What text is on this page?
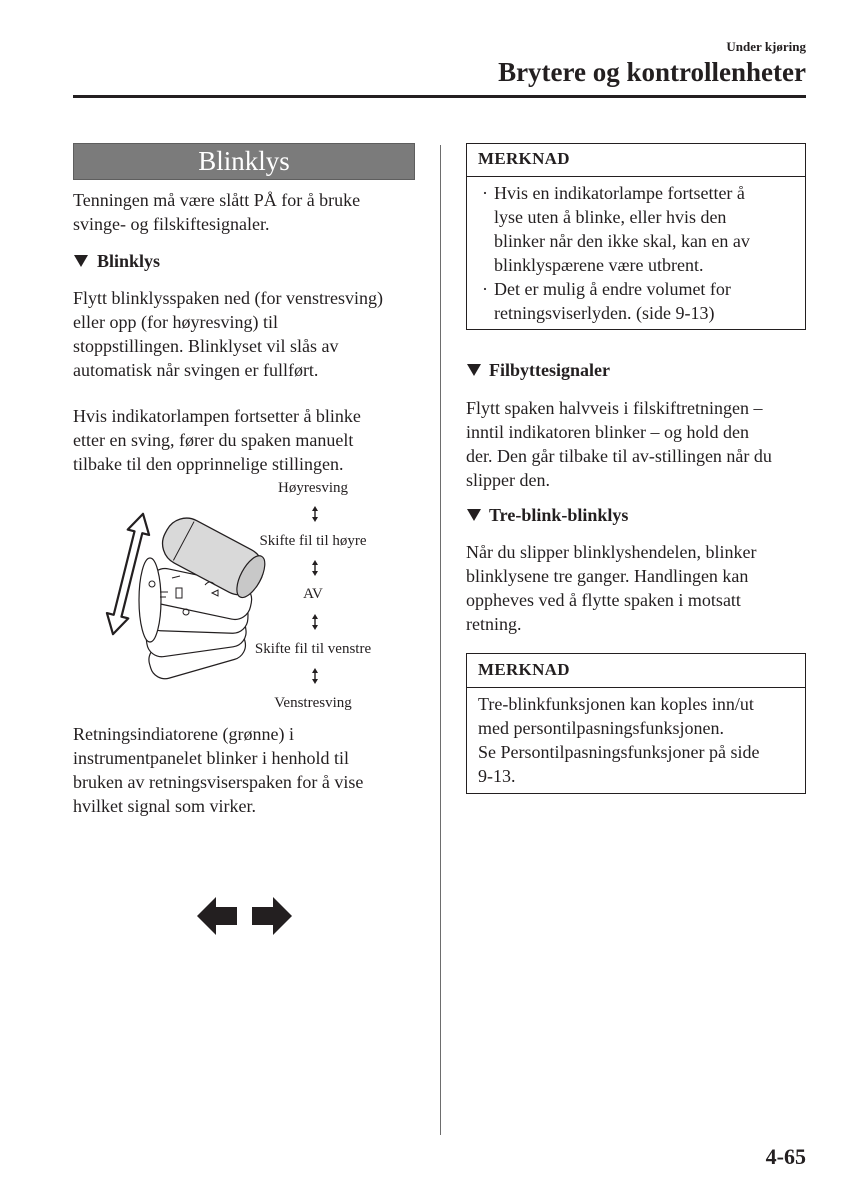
Under kjøring
Brytere og kontrollenheter
Blinklys
Tenningen må være slått PÅ for å bruke
svinge- og filskiftesignaler.
Blinklys
Flytt blinklysspaken ned (for venstresving)
eller opp (for høyresving) til
stoppstillingen. Blinklyset vil slås av
automatisk når svingen er fullført.
Hvis indikatorlampen fortsetter å blinke
etter en sving, fører du spaken manuelt
tilbake til den opprinnelige stillingen.
Høyresving
Skifte fil til høyre
AV
Skifte fil til venstre
Venstresving
Retningsindiatorene (grønne) i
instrumentpanelet blinker i henhold til
bruken av retningsviserspaken for å vise
hvilket signal som virker.
MERKNAD
· Hvis en indikatorlampe fortsetter å
lyse uten å blinke, eller hvis den
blinker når den ikke skal, kan en av
blinklyspærene være utbrent.
· Det er mulig å endre volumet for
retningsviserlyden. (side 9-13)
Filbyttesignaler
Flytt spaken halvveis i filskiftretningen –
inntil indikatoren blinker – og hold den
der. Den går tilbake til av-stillingen når du
slipper den.
Tre-blink-blinklys
Når du slipper blinklyshendelen, blinker
blinklysene tre ganger. Handlingen kan
oppheves ved å flytte spaken i motsatt
retning.
MERKNAD
Tre-blinkfunksjonen kan koples inn/ut
med persontilpasningsfunksjonen.
Se Persontilpasningsfunksjoner på side
9-13.
4-65
